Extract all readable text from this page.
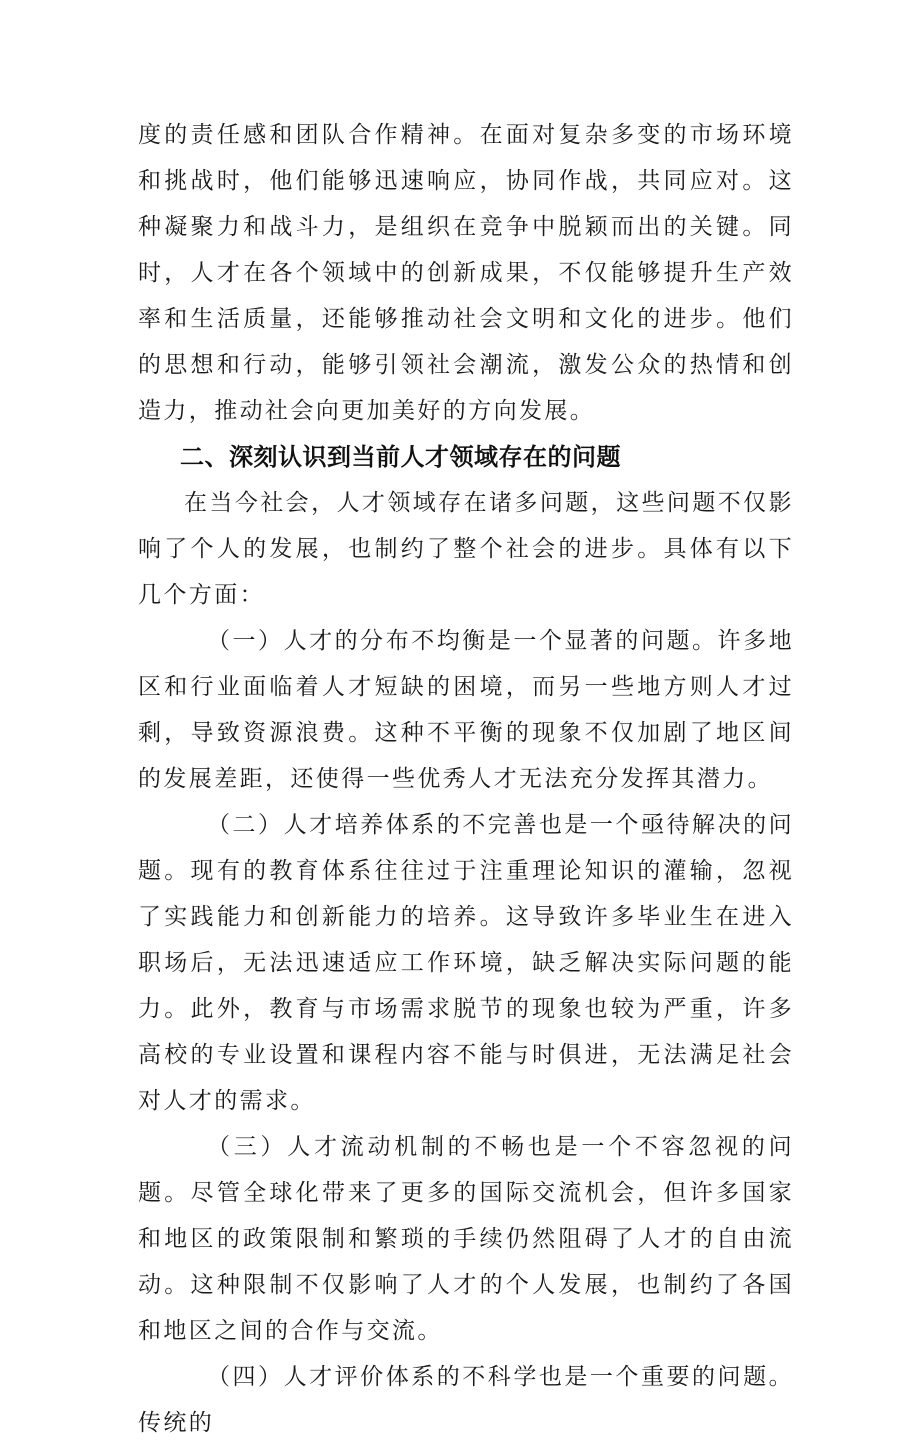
度的责任感和团队合作精神。在面对复杂多变的市场环境和挑战时，他们能够迅速响应，协同作战，共同应对。这种凝聚力和战斗力，是组织在竞争中脱颖而出的关键。同时，人才在各个领域中的创新成果，不仅能够提升生产效率和生活质量，还能够推动社会文明和文化的进步。他们的思想和行动，能够引领社会潮流，激发公众的热情和创造力，推动社会向更加美好的方向发展。

二、深刻认识到当前人才领域存在的问题

在当今社会，人才领域存在诸多问题，这些问题不仅影响了个人的发展，也制约了整个社会的进步。具体有以下几个方面：

（一）人才的分布不均衡是一个显著的问题。许多地区和行业面临着人才短缺的困境，而另一些地方则人才过剩，导致资源浪费。这种不平衡的现象不仅加剧了地区间的发展差距，还使得一些优秀人才无法充分发挥其潜力。

（二）人才培养体系的不完善也是一个亟待解决的问题。现有的教育体系往往过于注重理论知识的灌输，忽视了实践能力和创新能力的培养。这导致许多毕业生在进入职场后，无法迅速适应工作环境，缺乏解决实际问题的能力。此外，教育与市场需求脱节的现象也较为严重，许多高校的专业设置和课程内容不能与时俱进，无法满足社会对人才的需求。

（三）人才流动机制的不畅也是一个不容忽视的问题。尽管全球化带来了更多的国际交流机会，但许多国家和地区的政策限制和繁琐的手续仍然阻碍了人才的自由流动。这种限制不仅影响了人才的个人发展，也制约了各国和地区之间的合作与交流。

（四）人才评价体系的不科学也是一个重要的问题。传统的
